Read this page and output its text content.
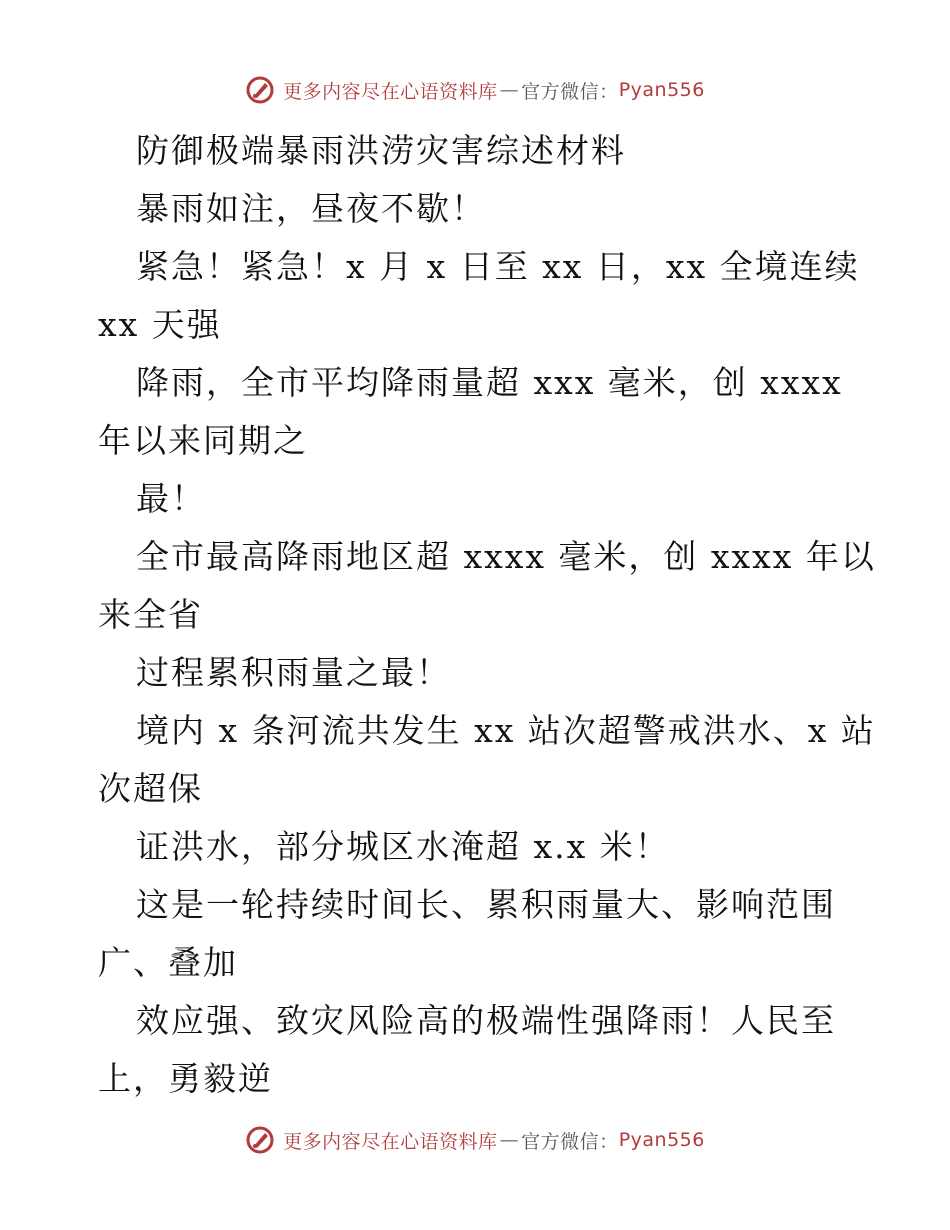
更多内容尽在心语资料库 — 官方微信： Pyan556
防御极端暴雨洪涝灾害综述材料
暴雨如注，昼夜不歇！
紧急！紧急！x 月 x 日至 xx 日，xx 全境连续
xx 天强
降雨，全市平均降雨量超 xxx 毫米，创 xxxx
年以来同期之
最！
全市最高降雨地区超 xxxx 毫米，创 xxxx 年以
来全省
过程累积雨量之最！
境内 x 条河流共发生 xx 站次超警戒洪水、x 站
次超保
证洪水，部分城区水淹超 x.x 米！
这是一轮持续时间长、累积雨量大、影响范围
广、叠加
效应强、致灾风险高的极端性强降雨！人民至
上，勇毅逆
更多内容尽在心语资料库 — 官方微信： Pyan556
